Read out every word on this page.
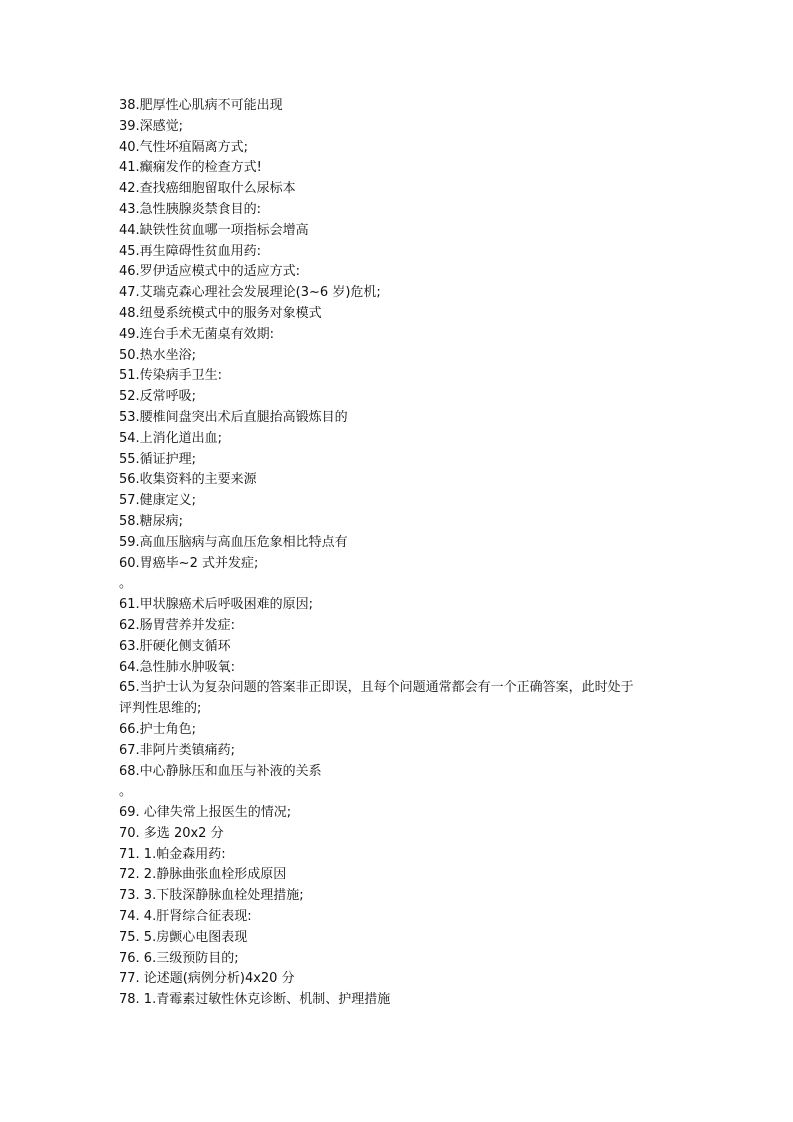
38.肥厚性心肌病不可能出现
39.深感觉;
40.气性坏疽隔离方式;
41.癫痫发作的检查方式!
42.查找癌细胞留取什么尿标本
43.急性胰腺炎禁食目的:
44.缺铁性贫血哪一项指标会增高
45.再生障碍性贫血用药:
46.罗伊适应模式中的适应方式:
47.艾瑞克森心理社会发展理论(3~6 岁)危机;
48.纽曼系统模式中的服务对象模式
49.连台手术无菌桌有效期:
50.热水坐浴;
51.传染病手卫生:
52.反常呼吸;
53.腰椎间盘突出术后直腿抬高锻炼目的
54.上消化道出血;
55.循证护理;
56.收集资料的主要来源
57.健康定义;
58.糖尿病;
59.高血压脑病与高血压危象相比特点有
60.胃癌毕~2 式并发症;
。
61.甲状腺癌术后呼吸困难的原因;
62.肠胃营养并发症:
63.肝硬化侧支循环
64.急性肺水肿吸氧:
65.当护士认为复杂问题的答案非正即误，且每个问题通常都会有一个正确答案，此时处于
评判性思维的;
66.护士角色;
67.非阿片类镇痛药;
68.中心静脉压和血压与补液的关系
。
69. 心律失常上报医生的情况;
70. 多选 20x2 分
71. 1.帕金森用药:
72. 2.静脉曲张血栓形成原因
73. 3.下肢深静脉血栓处理措施;
74. 4.肝肾综合征表现:
75. 5.房颤心电图表现
76. 6.三级预防目的;
77. 论述题(病例分析)4x20 分
78. 1.青霉素过敏性休克诊断、机制、护理措施
